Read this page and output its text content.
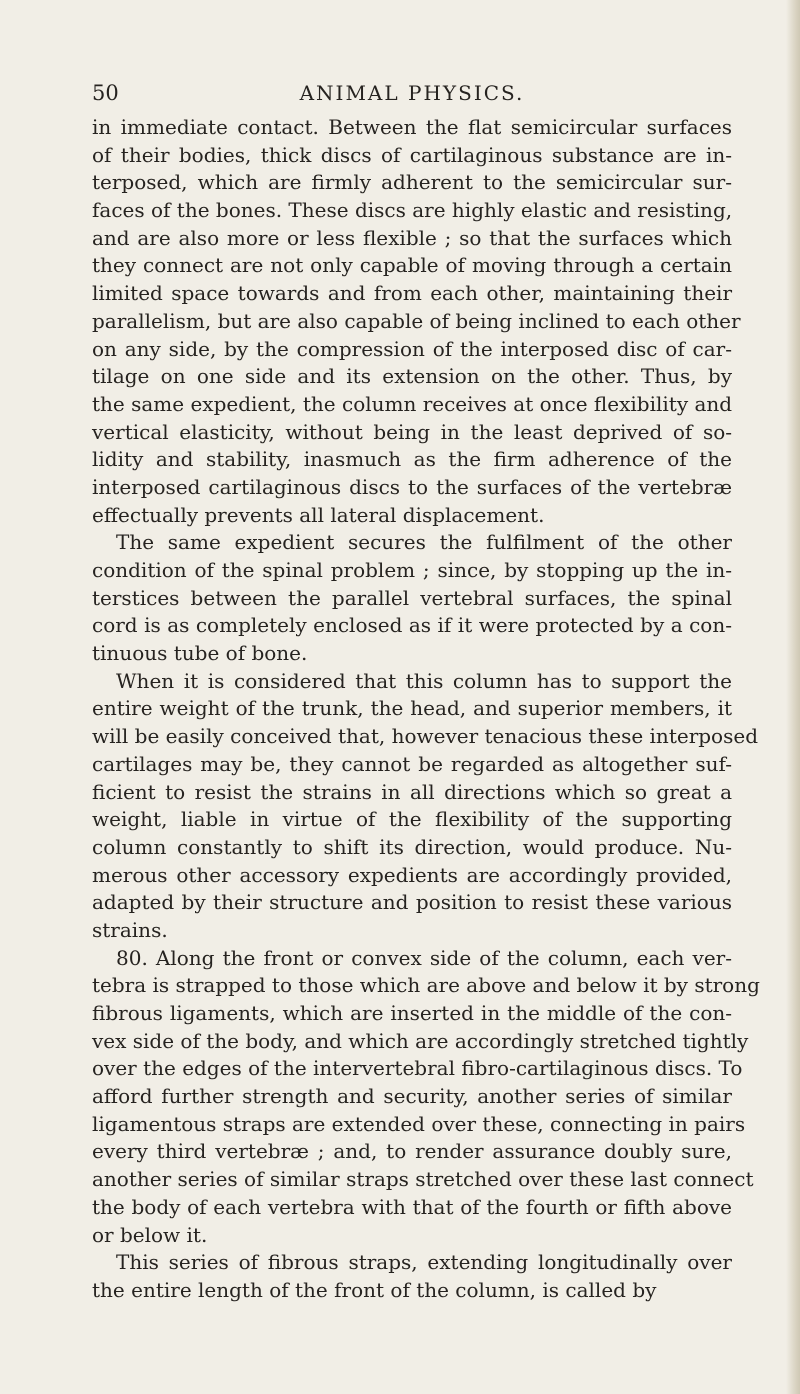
50	ANIMAL PHYSICS.
in immediate contact. Between the flat semicircular surfaces
of their bodies, thick discs of cartilaginous substance are in-
terposed, which are firmly adherent to the semicircular sur-
faces of the bones. These discs are highly elastic and resisting,
and are also more or less flexible ; so that the surfaces which
they connect are not only capable of moving through a certain
limited space towards and from each other, maintaining their
parallelism, but are also capable of being inclined to each other
on any side, by the compression of the interposed disc of car-
tilage on one side and its extension on the other. Thus, by
the same expedient, the column receives at once flexibility and
vertical elasticity, without being in the least deprived of so-
lidity and stability, inasmuch as the firm adherence of the
interposed cartilaginous discs to the surfaces of the vertebræ
effectually prevents all lateral displacement.
The same expedient secures the fulfilment of the other
condition of the spinal problem ; since, by stopping up the in-
terstices between the parallel vertebral surfaces, the spinal
cord is as completely enclosed as if it were protected by a con-
tinuous tube of bone.
When it is considered that this column has to support the
entire weight of the trunk, the head, and superior members, it
will be easily conceived that, however tenacious these interposed
cartilages may be, they cannot be regarded as altogether suf-
ficient to resist the strains in all directions which so great a
weight, liable in virtue of the flexibility of the supporting
column constantly to shift its direction, would produce. Nu-
merous other accessory expedients are accordingly provided,
adapted by their structure and position to resist these various
strains.
80. Along the front or convex side of the column, each ver-
tebra is strapped to those which are above and below it by strong
fibrous ligaments, which are inserted in the middle of the con-
vex side of the body, and which are accordingly stretched tightly
over the edges of the intervertebral fibro-cartilaginous discs. To
afford further strength and security, another series of similar
ligamentous straps are extended over these, connecting in pairs
every third vertebræ ; and, to render assurance doubly sure,
another series of similar straps stretched over these last connect
the body of each vertebra with that of the fourth or fifth above
or below it.
This series of fibrous straps, extending longitudinally over
the entire length of the front of the column, is called by
